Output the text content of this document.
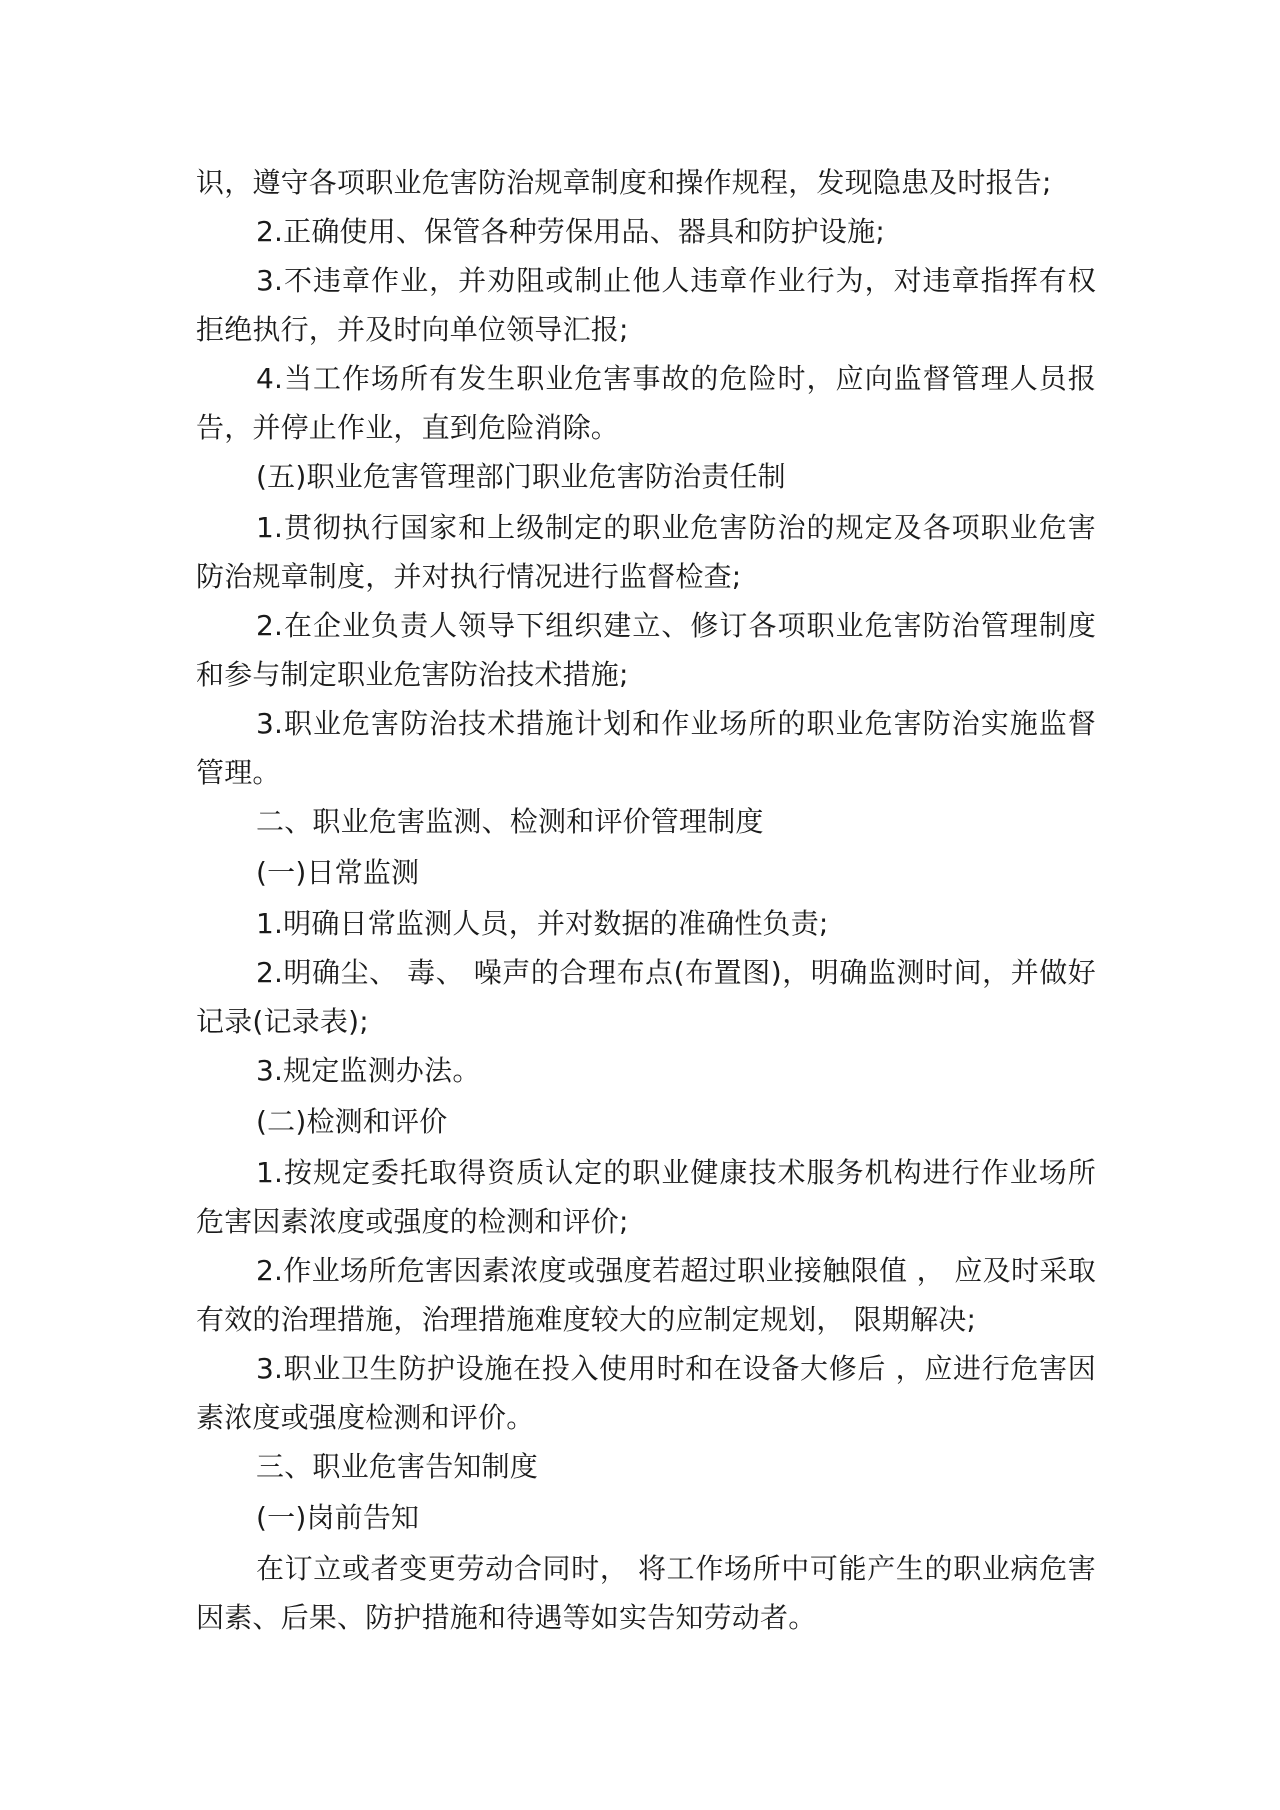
识，遵守各项职业危害防治规章制度和操作规程，发现隐患及时报告;

2.正确使用、保管各种劳保用品、器具和防护设施;

3.不违章作业，并劝阻或制止他人违章作业行为，对违章指挥有权拒绝执行，并及时向单位领导汇报;

4.当工作场所有发生职业危害事故的危险时，应向监督管理人员报告，并停止作业，直到危险消除。

(五)职业危害管理部门职业危害防治责任制

1.贯彻执行国家和上级制定的职业危害防治的规定及各项职业危害防治规章制度，并对执行情况进行监督检查;

2.在企业负责人领导下组织建立、修订各项职业危害防治管理制度和参与制定职业危害防治技术措施;

3.职业危害防治技术措施计划和作业场所的职业危害防治实施监督管理。

二、职业危害监测、检测和评价管理制度

(一)日常监测

1.明确日常监测人员，并对数据的准确性负责;

2.明确尘、 毒、 噪声的合理布点(布置图)，明确监测时间，并做好记录(记录表);

3.规定监测办法。

(二)检测和评价

1.按规定委托取得资质认定的职业健康技术服务机构进行作业场所危害因素浓度或强度的检测和评价;

2.作业场所危害因素浓度或强度若超过职业接触限值 ， 应及时采取有效的治理措施，治理措施难度较大的应制定规划， 限期解决;

3.职业卫生防护设施在投入使用时和在设备大修后 ，应进行危害因素浓度或强度检测和评价。

三、职业危害告知制度

(一)岗前告知

在订立或者变更劳动合同时， 将工作场所中可能产生的职业病危害因素、后果、防护措施和待遇等如实告知劳动者。
